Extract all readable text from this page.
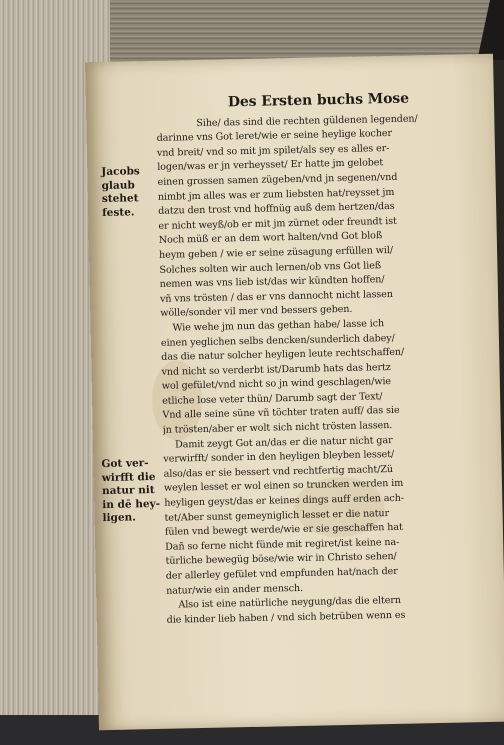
Des Ersten buchs Mose
Sihe/ das sind die rechten güldenen legenden/
darinne vns Got leret/wie er seine heylige kocher
vnd breit/ vnd so mit jm spilet/als sey es alles er-
logen/was er jn verheysset/ Er hatte jm gelobet
einen grossen samen zügeben/vnd jn segenen/vnd
nimbt jm alles was er zum liebsten hat/reysset jm
datzu den trost vnd hoffnüg auß dem hertzen/das
er nicht weyß/ob er mit jm zürnet oder freundt ist
Noch müß er an dem wort halten/vnd Got bloß
heym geben / wie er seine züsagung erfüllen wil/
Solches solten wir auch lernen/ob vns Got ließ
nemen was vns lieb ist/das wir kündten hoffen/
vñ vns trösten / das er vns dannocht nicht lassen
wölle/sonder vil mer vnd bessers geben.
Wie wehe jm nun das gethan habe/ lasse ich
einen yeglichen selbs dencken/sunderlich dabey/
das die natur solcher heyligen leute rechtschaffen/
vnd nicht so verderbt ist/Darumb hats das hertz
wol gefület/vnd nicht so jn wind geschlagen/wie
etliche lose veter thün/ Darumb sagt der Text/
Vnd alle seine süne vñ töchter traten auff/ das sie
jn trösten/aber er wolt sich nicht trösten lassen.
Damit zeygt Got an/das er die natur nicht gar
verwirfft/ sonder in den heyligen bleyben lesset/
also/das er sie bessert vnd rechtfertig macht/Zü
weylen lesset er wol einen so truncken werden im
heyligen geyst/das er keines dings auff erden ach-
tet/Aber sunst gemeyniglich lesset er die natur
fülen vnd bewegt werde/wie er sie geschaffen hat
Dañ so ferne nicht fünde mit regiret/ist keine na-
türliche bewegüg böse/wie wir in Christo sehen/
der allerley gefület vnd empfunden hat/nach der
natur/wie ein ander mensch.
Also ist eine natürliche neygung/das die eltern
die kinder lieb haben / vnd sich betrüben wenn es
Jacobs
glaub
stehet
feste.
Got ver-
wirfft die
natur nit
in dē hey-
ligen.
